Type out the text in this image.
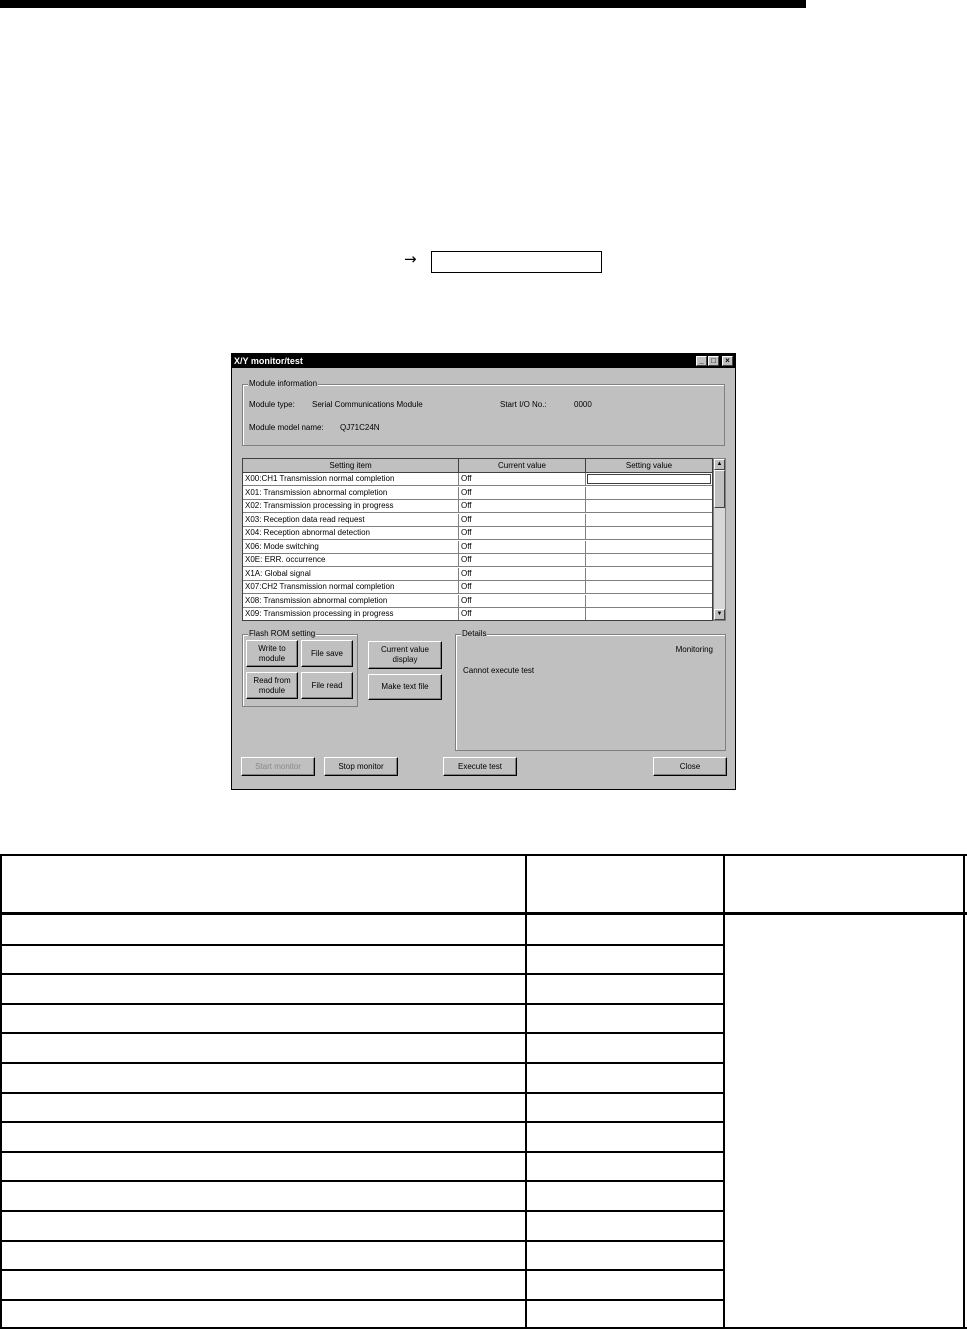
→
X/Y monitor/test	_ □	×
Module information
Module type: Serial Communications Module	Start I/O No.:	0000
Module model name: QJ71C24N
Setting item	Current value	Setting value
X00:CH1 Transmission normal completion	Off
X01: Transmission abnormal completion	Off
X02: Transmission processing in progress	Off
X03: Reception data read request	Off
X04: Reception abnormal detection	Off
X06: Mode switching	Off
X0E: ERR. occurrence	Off
X1A: Global signal	Off
X07:CH2 Transmission normal completion	Off
X08: Transmission abnormal completion	Off
X09: Transmission processing in progress	Off
▲
▼
Flash ROM setting
Write to
module
File save
Read from
module
File read
Current value
display
Make text file
Details
Monitoring
Cannot execute test
Start monitor	Stop monitor	Execute test	Close
